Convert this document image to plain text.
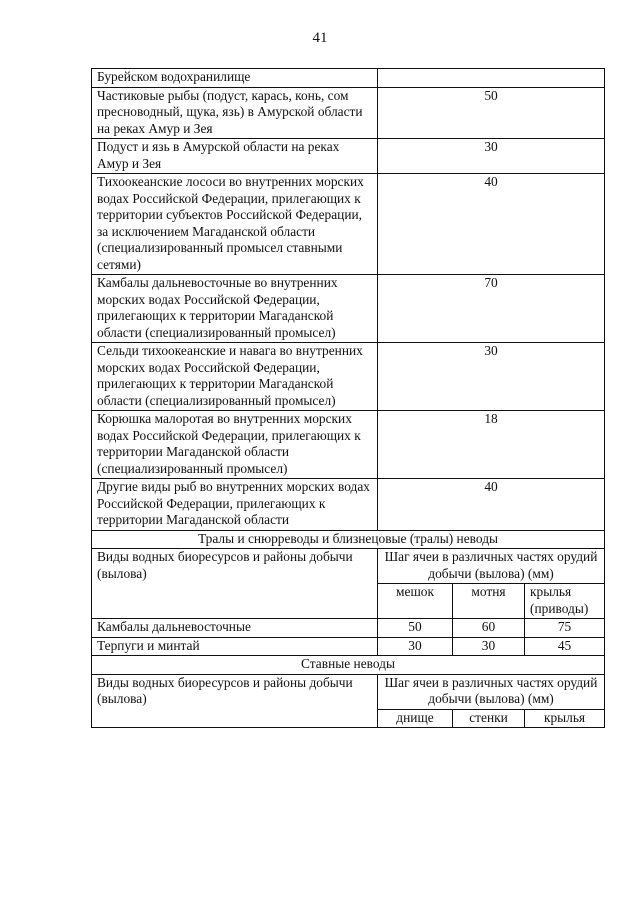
41
Бурейском водохранилище			
Частиковые рыбы (подуст, карась, конь, сом пресноводный, щука, язь) в Амурской области на реках Амур и Зея	50		
Подуст и язь в Амурской области на реках Амур и Зея	30		
Тихоокеанские лососи во внутренних морских водах Российской Федерации, прилегающих к территории субъектов Российской Федерации, за исключением Магаданской области (специализированный промысел ставными сетями)	40		
Камбалы дальневосточные во внутренних морских водах Российской Федерации, прилегающих к территории Магаданской области (специализированный промысел)	70		
Сельди тихоокеанские и навага во внутренних морских водах Российской Федерации, прилегающих к территории Магаданской области (специализированный промысел)	30		
Корюшка малоротая во внутренних морских водах Российской Федерации, прилегающих к территории Магаданской области (специализированный промысел)	18		
Другие виды рыб во внутренних морских водах Российской Федерации, прилегающих к территории Магаданской области	40		
Тралы и снюрреводы и близнецовые (тралы) неводы			
Виды водных биоресурсов и районы добычи (вылова)	Шаг ячеи в различных частях орудий добычи (вылова) (мм)		
	мешок	мотня	крылья (приводы)
Камбалы дальневосточные	50	60	75
Терпуги и минтай	30	30	45
Ставные неводы			
Виды водных биоресурсов и районы добычи (вылова)	Шаг ячеи в различных частях орудий добычи (вылова) (мм)		
	днище	стенки	крылья
